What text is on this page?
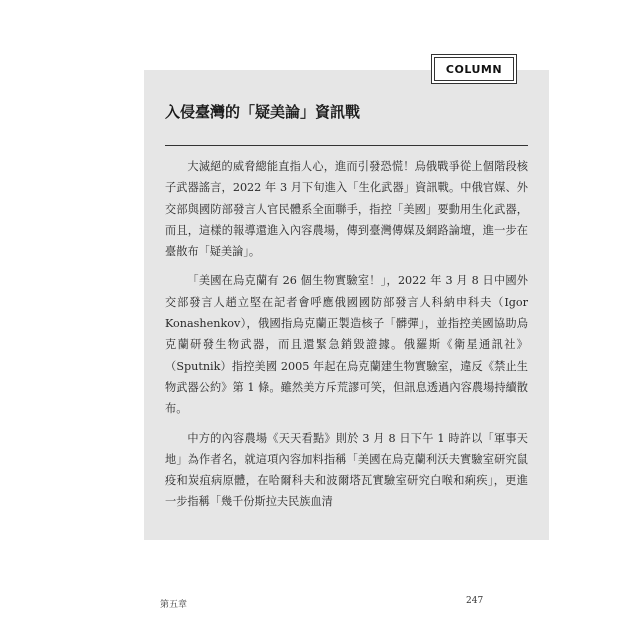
COLUMN
入侵臺灣的「疑美論」資訊戰

大滅絕的威脅總能直指人心，進而引發恐慌！烏俄戰爭從上個階段核子武器謠言，2022 年 3 月下旬進入「生化武器」資訊戰。中俄官媒、外交部與國防部發言人官民體系全面聯手，指控「美國」要動用生化武器，而且，這樣的報導還進入內容農場，傳到臺灣傳媒及網路論壇，進一步在臺散布「疑美論」。

「美國在烏克蘭有 26 個生物實驗室！」，2022 年 3 月 8 日中國外交部發言人趙立堅在記者會呼應俄國國防部發言人科納申科夫（Igor Konashenkov），俄國指烏克蘭正製造核子「髒彈」，並指控美國協助烏克蘭研發生物武器，而且還緊急銷毀證據。俄羅斯《衛星通訊社》（Sputnik）指控美國 2005 年起在烏克蘭建生物實驗室，違反《禁止生物武器公約》第 1 條。雖然美方斥荒謬可笑，但訊息透過內容農場持續散布。

中方的內容農場《天天看點》則於 3 月 8 日下午 1 時許以「軍事天地」為作者名，就這項內容加料指稱「美國在烏克蘭利沃夫實驗室研究鼠疫和炭疽病原體，在哈爾科夫和波爾塔瓦實驗室研究白喉和痢疾」，更進一步指稱「幾千份斯拉夫民族血清

第五章	247
